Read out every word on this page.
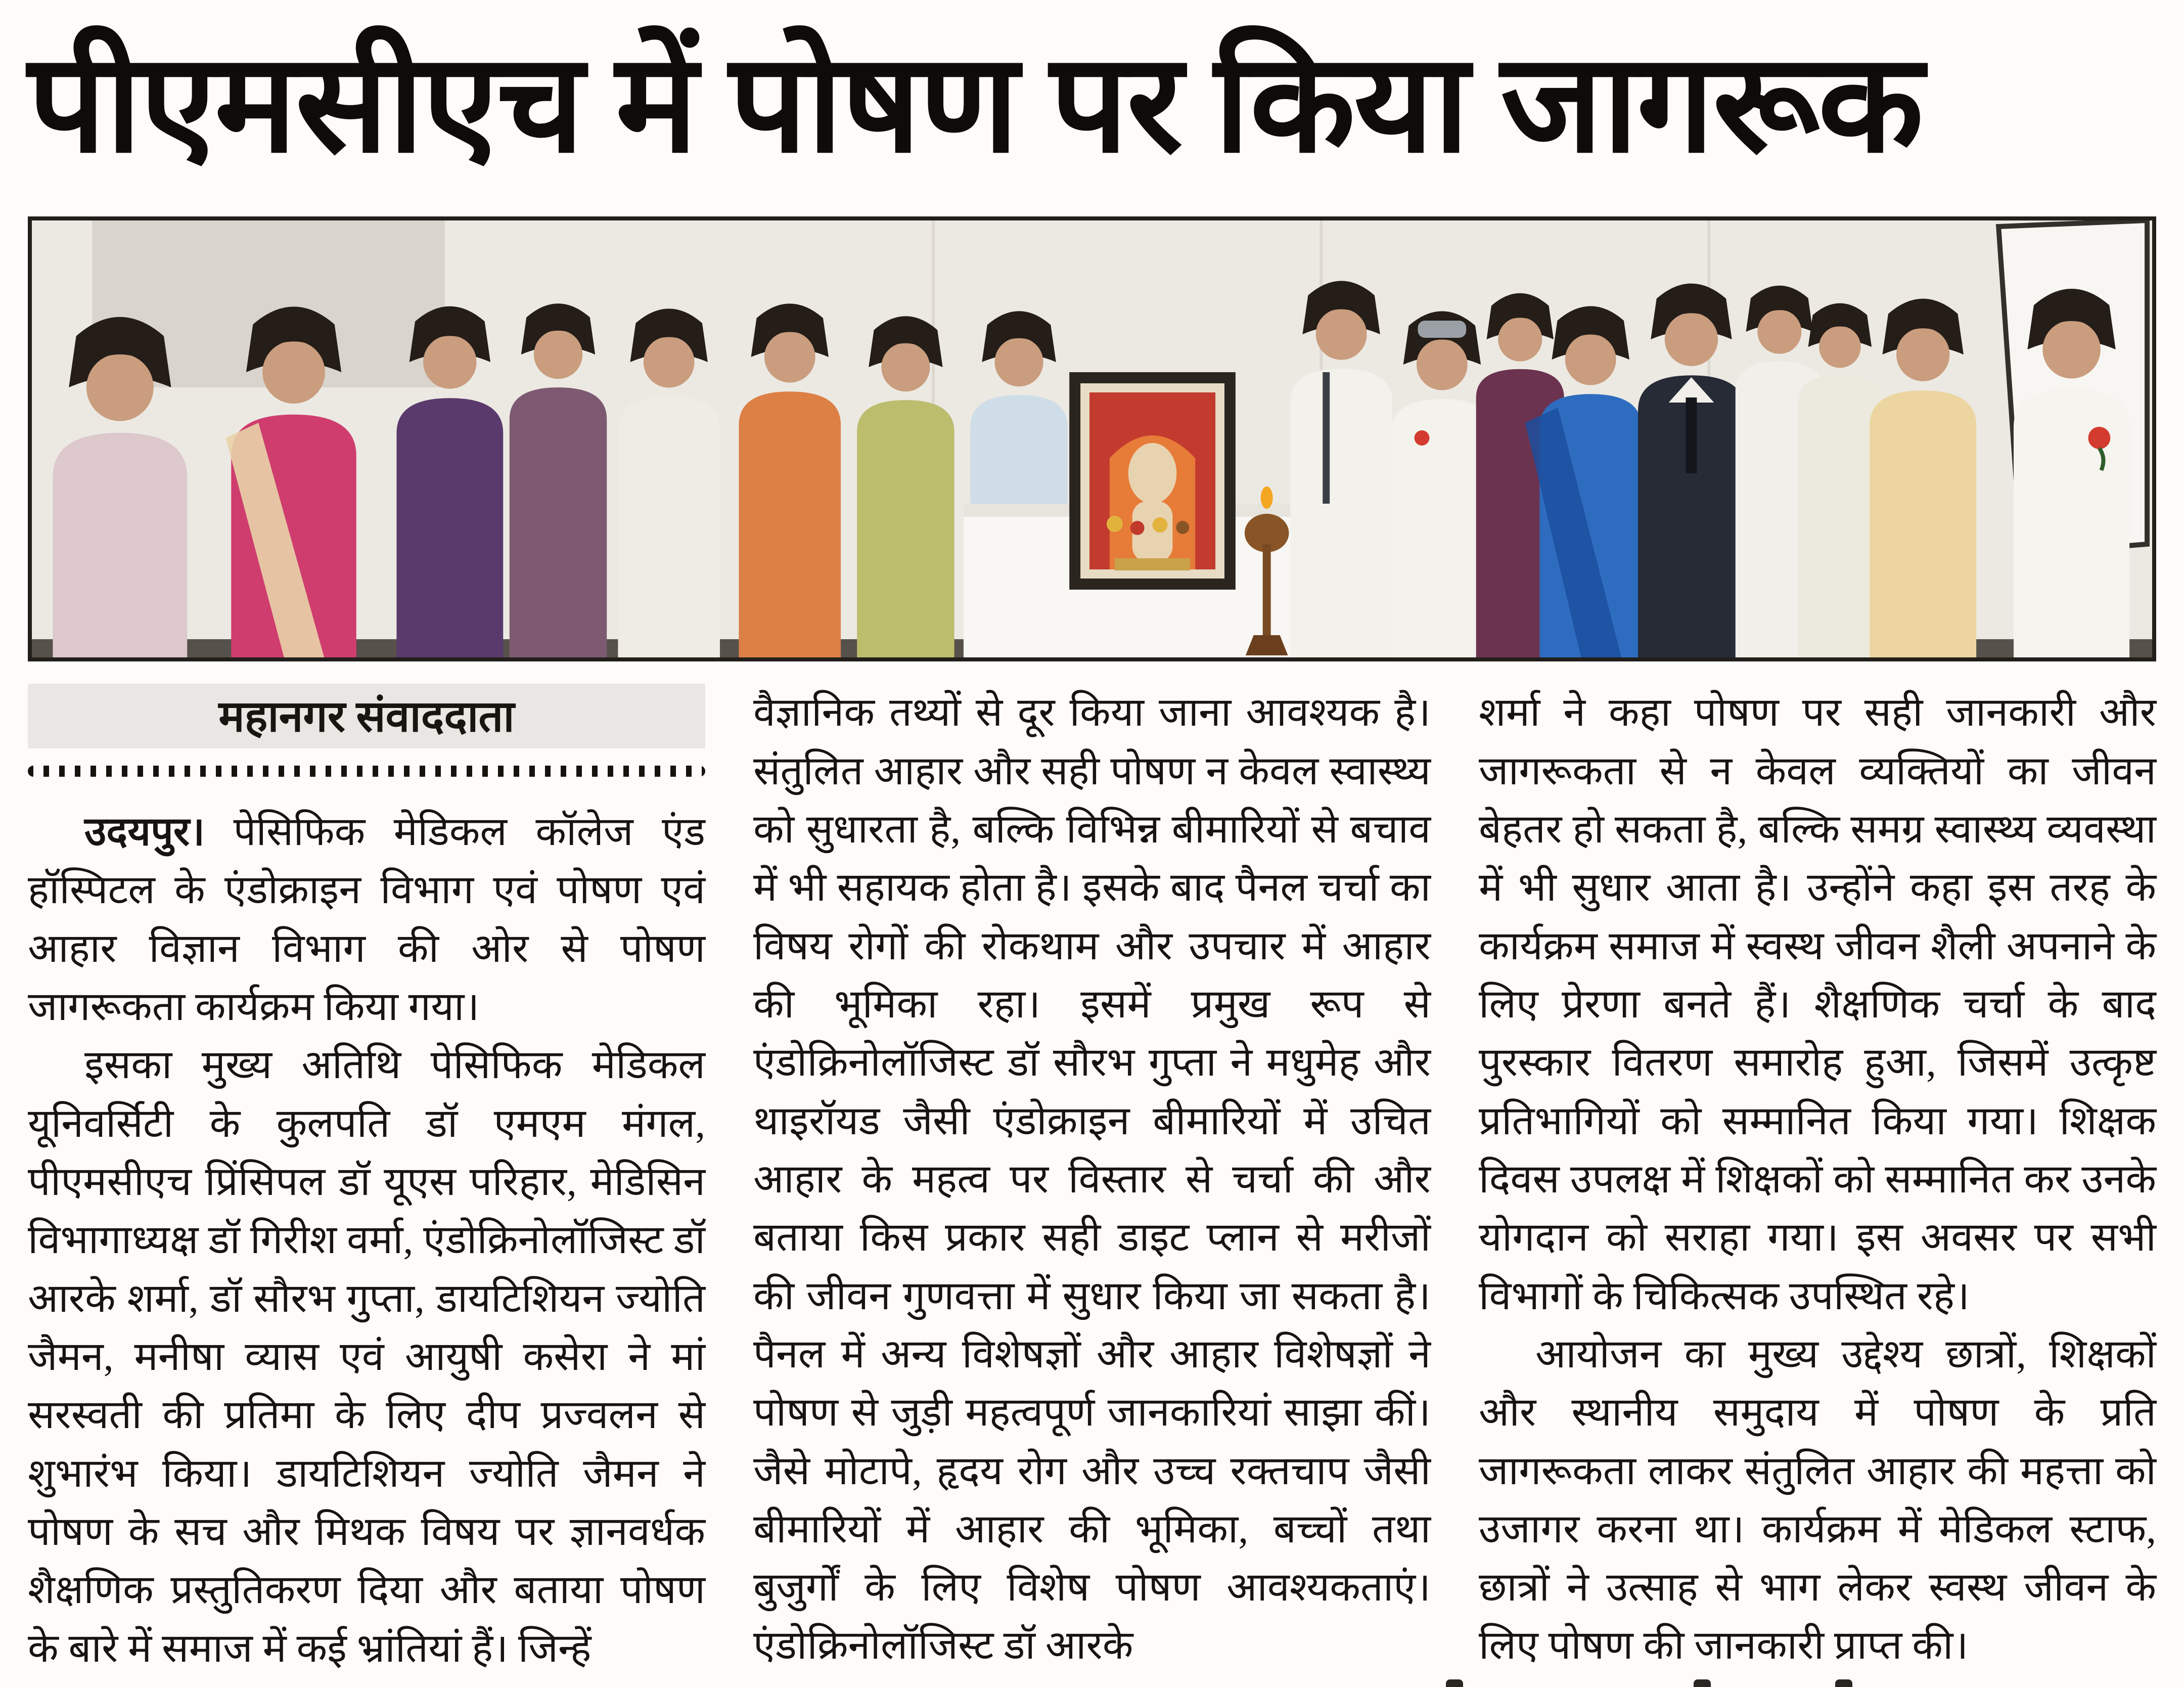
पीएमसीएच में पोषण पर किया जागरूक
महानगर संवाददाता

उदयपुर। पेसिफिक मेडिकल कॉलेज एंड हॉस्पिटल के एंडोक्राइन विभाग एवं पोषण एवं आहार विज्ञान विभाग की ओर से पोषण जागरूकता कार्यक्रम किया गया।

इसका मुख्य अतिथि पेसिफिक मेडिकल यूनिवर्सिटी के कुलपति डॉ एमएम मंगल, पीएमसीएच प्रिंसिपल डॉ यूएस परिहार, मेडिसिन विभागाध्यक्ष डॉ गिरीश वर्मा, एंडोक्रिनोलॉजिस्ट डॉ आरके शर्मा, डॉ सौरभ गुप्ता, डायटिशियन ज्योति जैमन, मनीषा व्यास एवं आयुषी कसेरा ने मां सरस्वती की प्रतिमा के लिए दीप प्रज्वलन से शुभारंभ किया। डायटिशियन ज्योति जैमन ने पोषण के सच और मिथक विषय पर ज्ञानवर्धक शैक्षणिक प्रस्तुतिकरण दिया और बताया पोषण के बारे में समाज में कई भ्रांतियां हैं। जिन्हें

वैज्ञानिक तथ्यों से दूर किया जाना आवश्यक है। संतुलित आहार और सही पोषण न केवल स्वास्थ्य को सुधारता है, बल्कि विभिन्न बीमारियों से बचाव में भी सहायक होता है। इसके बाद पैनल चर्चा का विषय रोगों की रोकथाम और उपचार में आहार की भूमिका रहा। इसमें प्रमुख रूप से एंडोक्रिनोलॉजिस्ट डॉ सौरभ गुप्ता ने मधुमेह और थाइरॉयड जैसी एंडोक्राइन बीमारियों में उचित आहार के महत्व पर विस्तार से चर्चा की और बताया किस प्रकार सही डाइट प्लान से मरीजों की जीवन गुणवत्ता में सुधार किया जा सकता है। पैनल में अन्य विशेषज्ञों और आहार विशेषज्ञों ने पोषण से जुड़ी महत्वपूर्ण जानकारियां साझा कीं। जैसे मोटापे, हृदय रोग और उच्च रक्तचाप जैसी बीमारियों में आहार की भूमिका, बच्चों तथा बुजुर्गों के लिए विशेष पोषण आवश्यकताएं। एंडोक्रिनोलॉजिस्ट डॉ आरके

शर्मा ने कहा पोषण पर सही जानकारी और जागरूकता से न केवल व्यक्तियों का जीवन बेहतर हो सकता है, बल्कि समग्र स्वास्थ्य व्यवस्था में भी सुधार आता है। उन्होंने कहा इस तरह के कार्यक्रम समाज में स्वस्थ जीवन शैली अपनाने के लिए प्रेरणा बनते हैं। शैक्षणिक चर्चा के बाद पुरस्कार वितरण समारोह हुआ, जिसमें उत्कृष्ट प्रतिभागियों को सम्मानित किया गया। शिक्षक दिवस उपलक्ष में शिक्षकों को सम्मानित कर उनके योगदान को सराहा गया। इस अवसर पर सभी विभागों के चिकित्सक उपस्थित रहे।

आयोजन का मुख्य उद्देश्य छात्रों, शिक्षकों और स्थानीय समुदाय में पोषण के प्रति जागरूकता लाकर संतुलित आहार की महत्ता को उजागर करना था। कार्यक्रम में मेडिकल स्टाफ, छात्रों ने उत्साह से भाग लेकर स्वस्थ जीवन के लिए पोषण की जानकारी प्राप्त की।
